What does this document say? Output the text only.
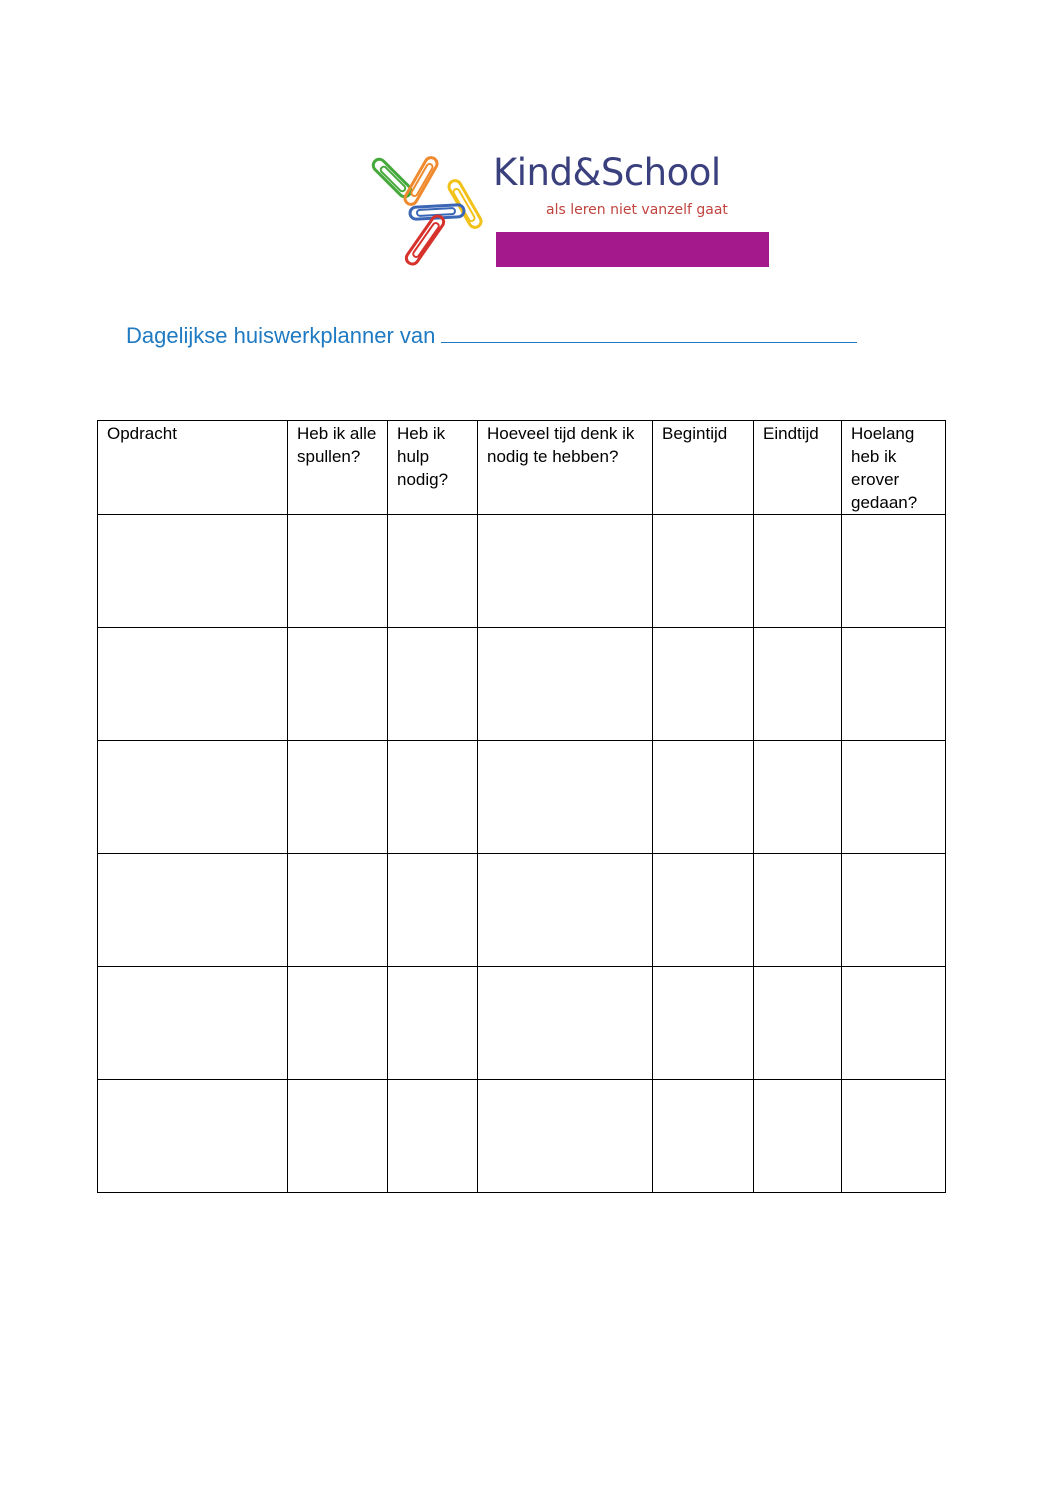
Kind&School
als leren niet vanzelf gaat
Dagelijkse huiswerkplanner van
Opdracht	Heb ik alle spullen?	Heb ik hulp nodig?	Hoeveel tijd denk ik nodig te hebben?	Begintijd	Eindtijd	Hoelang heb ik erover gedaan?
